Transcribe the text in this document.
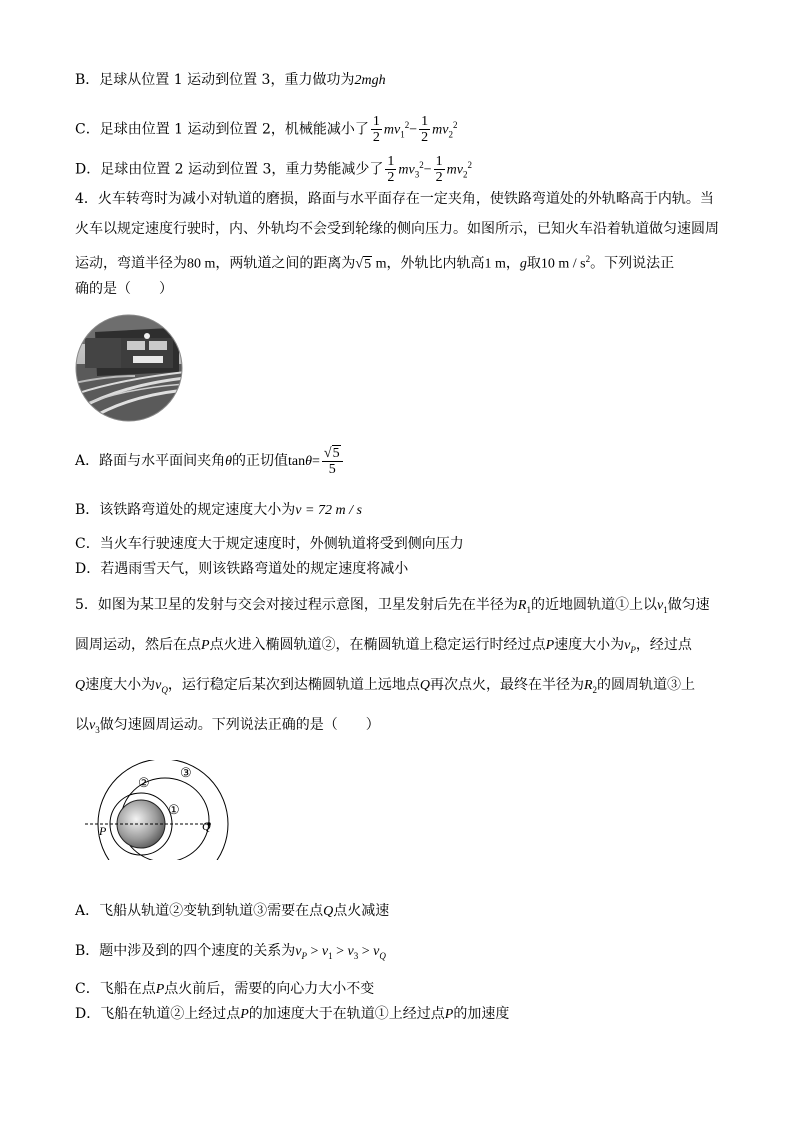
B．足球从位置 1 运动到位置 3，重力做功为2mgh
C．足球由位置 1 运动到位置 2，机械能减小了 $\frac{1}{2} mv_1^2- \frac{1}{2} mv_2^2$
D．足球由位置 2 运动到位置 3，重力势能减少了 $\frac{1}{2} mv_3^2- \frac{1}{2} mv_2^2$
4．火车转弯时为减小对轨道的磨损，路面与水平面存在一定夹角，使铁路弯道处的外轨略高于内轨。当
火车以规定速度行驶时，内、外轨均不会受到轮缘的侧向压力。如图所示，已知火车沿着轨道做匀速圆周
运动，弯道半径为80 m，两轨道之间的距离为√5 m，外轨比内轨高1 m，g取10 m / $s^2$。下列说法正
确的是（　　）
A．路面与水平面间夹角θ的正切值$\tan\theta= \frac{√5}{5}$
B．该铁路弯道处的规定速度大小为v = 72 m / s
C．当火车行驶速度大于规定速度时，外侧轨道将受到侧向压力
D．若遇雨雪天气，则该铁路弯道处的规定速度将减小
5．如图为某卫星的发射与交会对接过程示意图，卫星发射后先在半径为$R_1$的近地圆轨道①上以$v_1$做匀速
圆周运动，然后在点P点火进入椭圆轨道②，在椭圆轨道上稳定运行时经过点P速度大小为$v_P$，经过点
Q速度大小为$v_Q$，运行稳定后某次到达椭圆轨道上远地点Q再次点火，最终在半径为$R_2$的圆周轨道③上
以$v_3$做匀速圆周运动。下列说法正确的是（　　）
②
③
①
P	Q
A．飞船从轨道②变轨到轨道③需要在点Q点火减速
B．题中涉及到的四个速度的关系为$v_P > v_1 > v_3 > v_Q$
C．飞船在点P点火前后，需要的向心力大小不变
D．飞船在轨道②上经过点P的加速度大于在轨道①上经过点P的加速度
